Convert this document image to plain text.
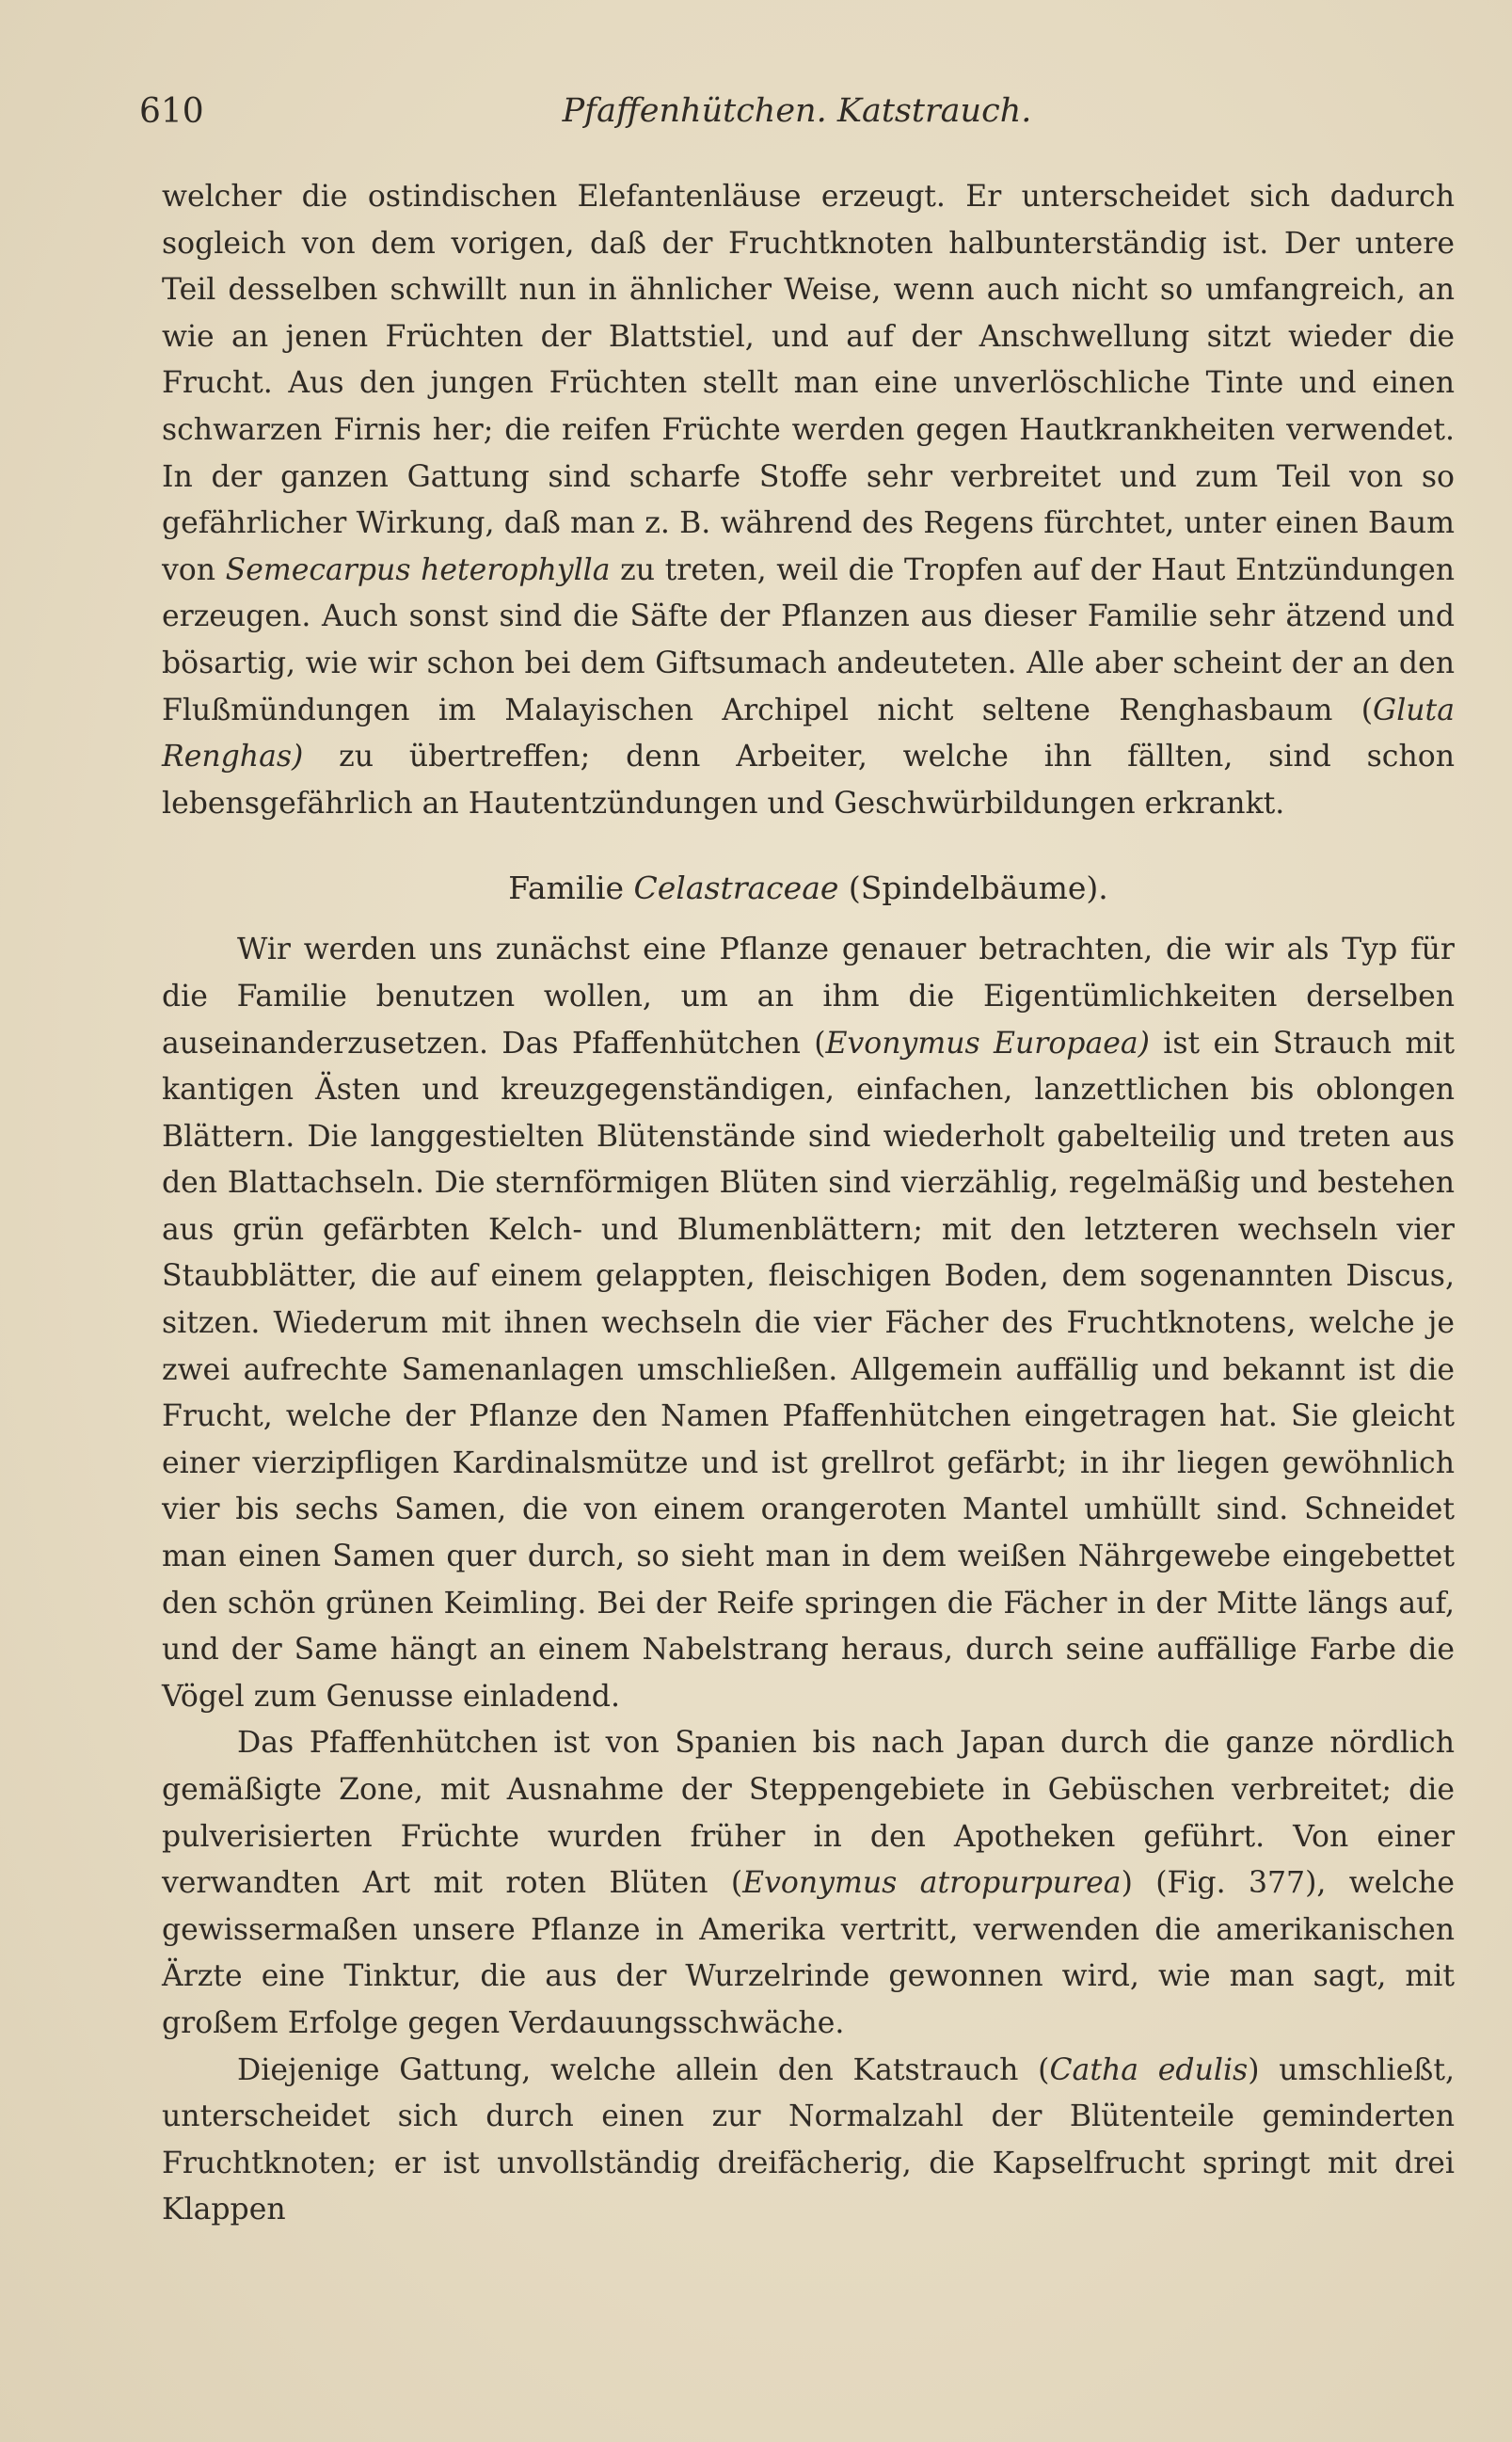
610	Pfaffenhütchen. Katstrauch.

welcher die ostindischen Elefantenläuse erzeugt. Er unterscheidet sich dadurch sogleich von dem vorigen, daß der Fruchtknoten halbunterständig ist. Der untere Teil desselben schwillt nun in ähnlicher Weise, wenn auch nicht so umfangreich, an wie an jenen Früchten der Blattstiel, und auf der Anschwellung sitzt wieder die Frucht. Aus den jungen Früchten stellt man eine unverlöschliche Tinte und einen schwarzen Firnis her; die reifen Früchte werden gegen Hautkrankheiten verwendet. In der ganzen Gattung sind scharfe Stoffe sehr verbreitet und zum Teil von so gefährlicher Wirkung, daß man z. B. während des Regens fürchtet, unter einen Baum von Semecarpus heterophylla zu treten, weil die Tropfen auf der Haut Entzündungen erzeugen. Auch sonst sind die Säfte der Pflanzen aus dieser Familie sehr ätzend und bösartig, wie wir schon bei dem Giftsumach andeuteten. Alle aber scheint der an den Flußmündungen im Malayischen Archipel nicht seltene Renghasbaum (Gluta Renghas) zu übertreffen; denn Arbeiter, welche ihn fällten, sind schon lebensgefährlich an Hautentzündungen und Geschwürbildungen erkrankt.

Familie Celastraceae (Spindelbäume).

Wir werden uns zunächst eine Pflanze genauer betrachten, die wir als Typ für die Familie benutzen wollen, um an ihm die Eigentümlichkeiten derselben auseinanderzusetzen. Das Pfaffenhütchen (Evonymus Europaea) ist ein Strauch mit kantigen Ästen und kreuzgegenständigen, einfachen, lanzettlichen bis oblongen Blättern. Die langgestielten Blütenstände sind wiederholt gabelteilig und treten aus den Blattachseln. Die sternförmigen Blüten sind vierzählig, regelmäßig und bestehen aus grün gefärbten Kelch- und Blumenblättern; mit den letzteren wechseln vier Staubblätter, die auf einem gelappten, fleischigen Boden, dem sogenannten Discus, sitzen. Wiederum mit ihnen wechseln die vier Fächer des Fruchtknotens, welche je zwei aufrechte Samenanlagen umschließen. Allgemein auffällig und bekannt ist die Frucht, welche der Pflanze den Namen Pfaffenhütchen eingetragen hat. Sie gleicht einer vierzipfligen Kardinalsmütze und ist grellrot gefärbt; in ihr liegen gewöhnlich vier bis sechs Samen, die von einem orangeroten Mantel umhüllt sind. Schneidet man einen Samen quer durch, so sieht man in dem weißen Nährgewebe eingebettet den schön grünen Keimling. Bei der Reife springen die Fächer in der Mitte längs auf, und der Same hängt an einem Nabelstrang heraus, durch seine auffällige Farbe die Vögel zum Genusse einladend.

Das Pfaffenhütchen ist von Spanien bis nach Japan durch die ganze nördlich gemäßigte Zone, mit Ausnahme der Steppengebiete in Gebüschen verbreitet; die pulverisierten Früchte wurden früher in den Apotheken geführt. Von einer verwandten Art mit roten Blüten (Evonymus atropurpurea) (Fig. 377), welche gewissermaßen unsere Pflanze in Amerika vertritt, verwenden die amerikanischen Ärzte eine Tinktur, die aus der Wurzelrinde gewonnen wird, wie man sagt, mit großem Erfolge gegen Verdauungsschwäche.

Diejenige Gattung, welche allein den Katstrauch (Catha edulis) umschließt, unterscheidet sich durch einen zur Normalzahl der Blütenteile geminderten Fruchtknoten; er ist unvollständig dreifächerig, die Kapselfrucht springt mit drei Klappen
